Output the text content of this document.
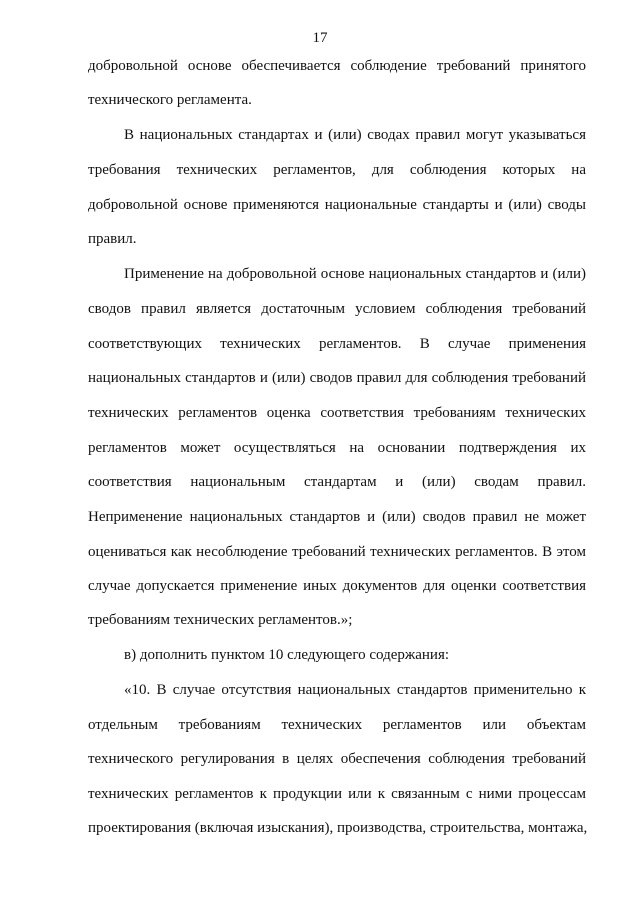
17
добровольной основе обеспечивается соблюдение требований принятого
технического регламента.
В национальных стандартах и (или) сводах правил могут указываться
требования технических регламентов, для соблюдения которых на
добровольной основе применяются национальные стандарты и (или) своды
правил.
Применение на добровольной основе национальных стандартов и (или)
сводов правил является достаточным условием соблюдения требований
соответствующих технических регламентов. В случае применения
национальных стандартов и (или) сводов правил для соблюдения требований
технических регламентов оценка соответствия требованиям технических
регламентов может осуществляться на основании подтверждения их
соответствия национальным стандартам и (или) сводам правил.
Неприменение национальных стандартов и (или) сводов правил не может
оцениваться как несоблюдение требований технических регламентов. В этом
случае допускается применение иных документов для оценки соответствия
требованиям технических регламентов.»;
в) дополнить пунктом 10 следующего содержания:
«10. В случае отсутствия национальных стандартов применительно к
отдельным требованиям технических регламентов или объектам
технического регулирования в целях обеспечения соблюдения требований
технических регламентов к продукции или к связанным с ними процессам
проектирования (включая изыскания), производства, строительства, монтажа,
